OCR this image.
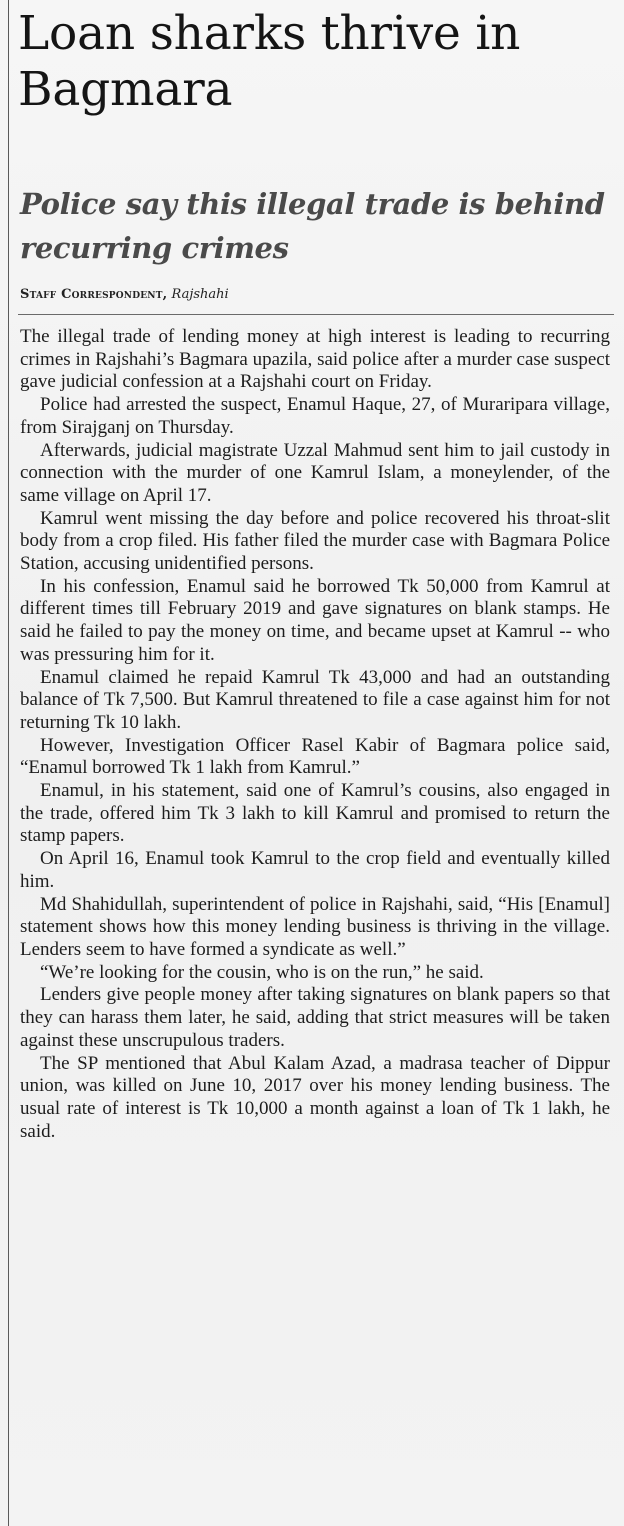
Loan sharks thrive in Bagmara
Police say this illegal trade is behind recurring crimes
Staff Correspondent, Rajshahi

The illegal trade of lending money at high interest is leading to recurring crimes in Rajshahi’s Bagmara upazila, said police after a murder case suspect gave judicial confession at a Rajshahi court on Friday.

Police had arrested the suspect, Enamul Haque, 27, of Muraripara village, from Sirajganj on Thursday.

Afterwards, judicial magistrate Uzzal Mahmud sent him to jail custody in connection with the murder of one Kamrul Islam, a moneylender, of the same village on April 17.

Kamrul went missing the day before and police recovered his throat-slit body from a crop filed. His father filed the murder case with Bagmara Police Station, accusing unidentified persons.

In his confession, Enamul said he borrowed Tk 50,000 from Kamrul at different times till February 2019 and gave signatures on blank stamps. He said he failed to pay the money on time, and became upset at Kamrul -- who was pressuring him for it.

Enamul claimed he repaid Kamrul Tk 43,000 and had an outstanding balance of Tk 7,500. But Kamrul threatened to file a case against him for not returning Tk 10 lakh.

However, Investigation Officer Rasel Kabir of Bagmara police said, “Enamul borrowed Tk 1 lakh from Kamrul.”

Enamul, in his statement, said one of Kamrul’s cousins, also engaged in the trade, offered him Tk 3 lakh to kill Kamrul and promised to return the stamp papers.

On April 16, Enamul took Kamrul to the crop field and eventually killed him.

Md Shahidullah, superintendent of police in Rajshahi, said, “His [Enamul] statement shows how this money lending business is thriving in the village. Lenders seem to have formed a syndicate as well.”

“We’re looking for the cousin, who is on the run,” he said.

Lenders give people money after taking signatures on blank papers so that they can harass them later, he said, adding that strict measures will be taken against these unscrupulous traders.

The SP mentioned that Abul Kalam Azad, a madrasa teacher of Dippur union, was killed on June 10, 2017 over his money lending business. The usual rate of interest is Tk 10,000 a month against a loan of Tk 1 lakh, he said.
